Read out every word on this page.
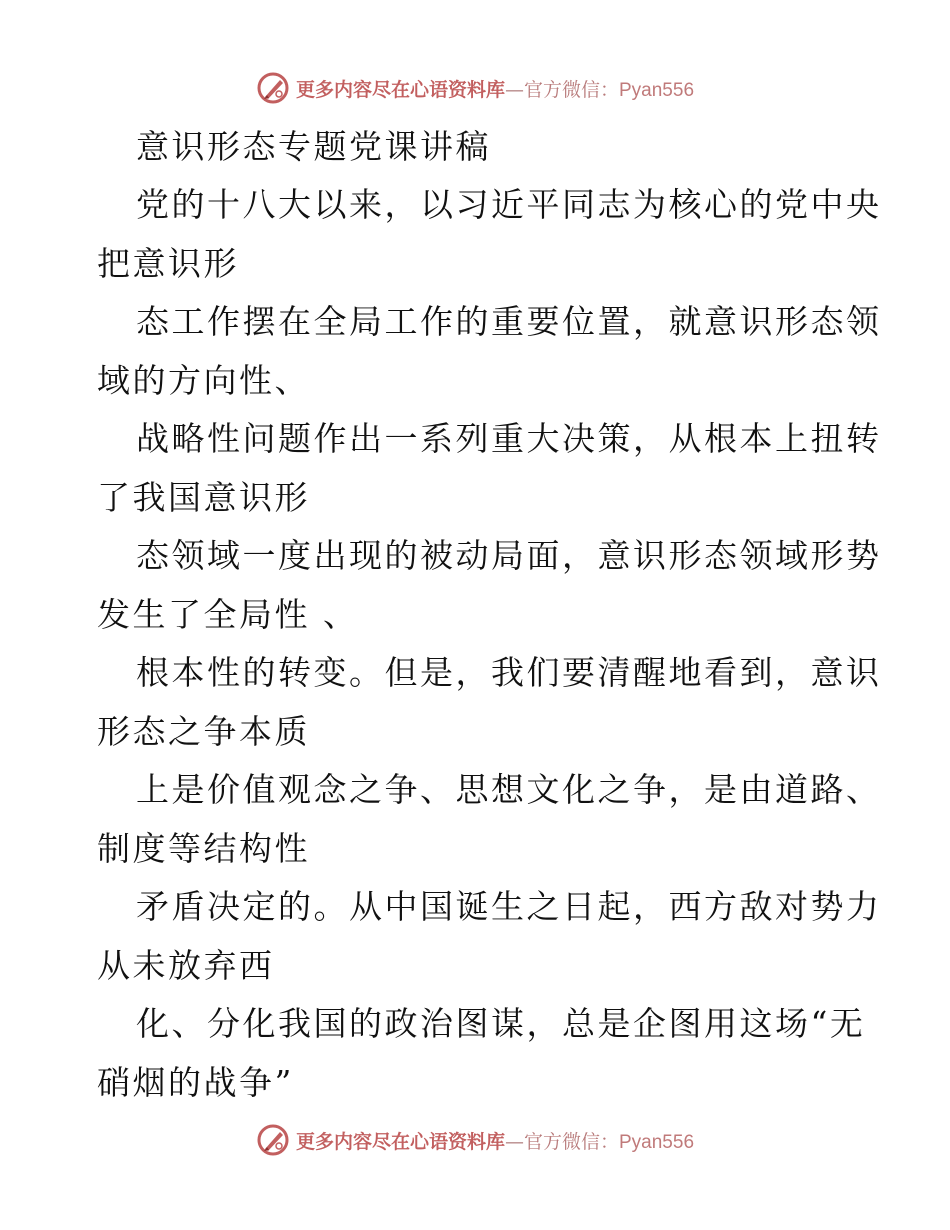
更多内容尽在心语资料库 — 官方微信： Pyan556
意识形态专题党课讲稿
党的十八大以来，以习近平同志为核心的党中央
把意识形
态工作摆在全局工作的重要位置，就意识形态领
域的方向性、
战略性问题作出一系列重大决策，从根本上扭转
了我国意识形
态领域一度出现的被动局面，意识形态领域形势
发生了全局性 、
根本性的转变。但是，我们要清醒地看到，意识
形态之争本质
上是价值观念之争、思想文化之争，是由道路、
制度等结构性
矛盾决定的。从中国诞生之日起，西方敌对势力
从未放弃西
化、分化我国的政治图谋，总是企图用这场“无
硝烟的战争”
更多内容尽在心语资料库 — 官方微信： Pyan556
